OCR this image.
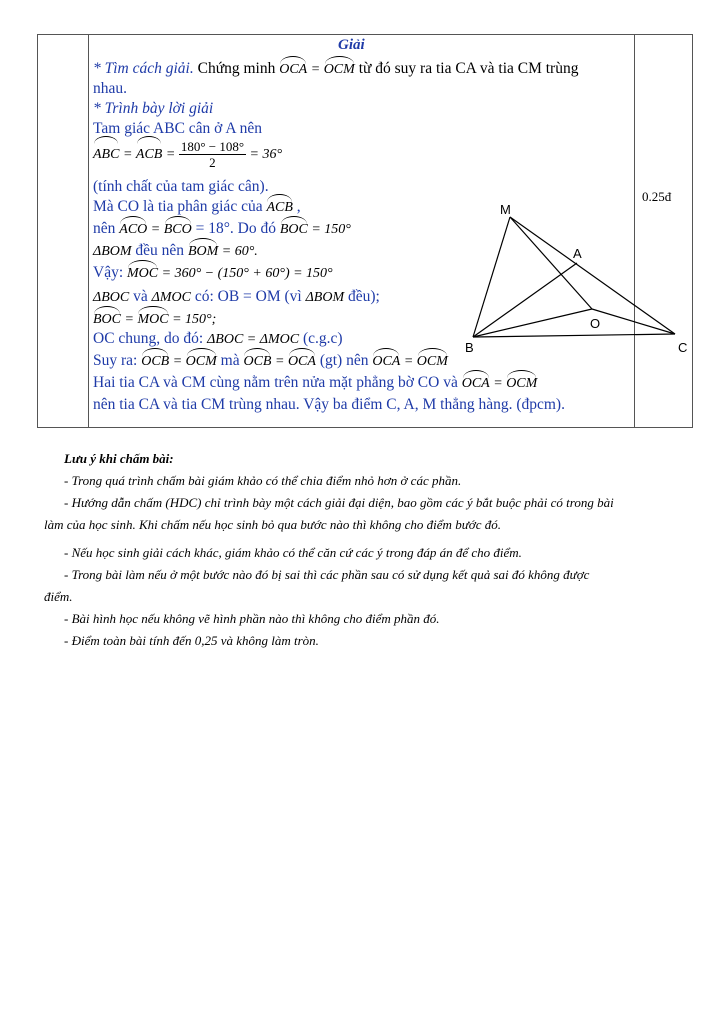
Giải
* Tìm cách giải. Chứng minh OCA = OCM từ đó suy ra tia CA và tia CM trùng
nhau.
* Trình bày lời giải
Tam giác ABC cân ở A nên
ABC = ACB = $\frac{180^\circ - 108^\circ}{2} = 36^\circ$
(tính chất của tam giác cân).
Mà CO là tia phân giác của ACB ,
nên ACO = BCO = 18°. Do đó BOC = 150°
ΔBOM đều nên BOM = 60°.
Vậy: MOC = 360° − (150° + 60°) = 150°
ΔBOC và ΔMOC có: OB = OM (vì ΔBOM đều);
BOC = MOC = 150°;
OC chung, do đó: ΔBOC = ΔMOC (c.g.c)
Suy ra: OCB = OCM mà OCB = OCA (gt) nên OCA = OCM
Hai tia CA và CM cùng nằm trên nửa mặt phẳng bờ CO và OCA = OCM
nên tia CA và tia CM trùng nhau. Vậy ba điểm C, A, M thẳng hàng. (đpcm).
0.25đ
M
A
O
B	C

Lưu ý khi chấm bài:

- Trong quá trình chấm bài giám khảo có thể chia điểm nhỏ hơn ở các phần.

- Hướng dẫn chấm (HDC) chỉ trình bày một cách giải đại diện, bao gồm các ý bắt buộc phải có trong bài

làm của học sinh. Khi chấm nếu học sinh bỏ qua bước nào thì không cho điểm bước đó.

- Nếu học sinh giải cách khác, giám khảo có thể căn cứ các ý trong đáp án để cho điểm.

- Trong bài làm nếu ở một bước nào đó bị sai thì các phần sau có sử dụng kết quả sai đó không được

điểm.

- Bài hình học nếu không vẽ hình phần nào thì không cho điểm phần đó.

- Điểm toàn bài tính đến 0,25 và không làm tròn.
